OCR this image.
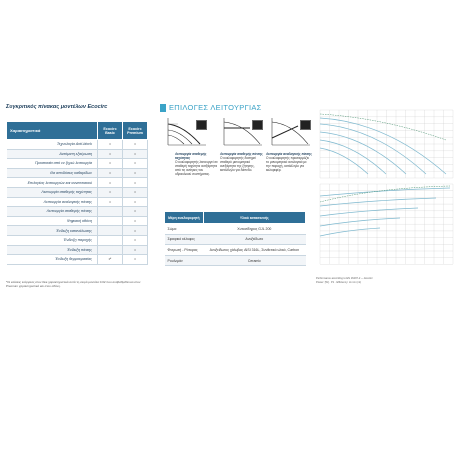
Συγκριτικός πίνακας μοντέλων Ecocirc
Χαρακτηριστικά	Ecocirc Basic	Ecocirc Premium
Τεχνολογία Anti-block	•	•
Αυτόματη εξαέρωση	•	•
Προστασία από εν ξηρώ λειτουργία	•	•
Θα αποδόσεις καθαρίδων	•	•
Επιλογέας λειτουργιών και συνεπειακού	•	•
Λειτουργία σταθερής ταχύτητας	•	•
Λειτουργία αναλογικής πίεσης	•	•
Λειτουργία σταθερής πίεσης		•
Ψηφιακή οθόνη		•
Ένδειξη κατανάλωσης		•
Ένδειξη παροχής		•
Ένδειξη πίεσης		•
Ένδειξη θερμοκρασίας	•*	•
*Οι κλάσεις ενέργειας στον δεικ χαρακτηριστικά αυτά τη σειρά μοντέλα 0.02 που αναβαθμιθεί και στον Premium χαρακτηριστικά και στον οθόνη.
ΕΠΙΛΟΓΕΣ ΛΕΙΤΟΥΡΓΙΑΣ
Λειτουργία σταθερής ταχύτητας
Ο κυκλοφορητής λειτουργεί σε σταθερή ταχύτητα ανεξάρτητα από τις ανάγκες του υδραυλικού συστήματος.
Λειτουργία σταθερής πίεσης
Ο κυκλοφορητής διατηρεί σταθερό μανομετρικό ανεξάρτητα της ζήτησης, κατάλληλο για δάπεδο.
Λειτουργία αναλογικής πίεσης
Ο κυκλοφορητής προσαρμόζει το μανομετρικό αναλογικά με την παροχή, κατάλληλο για καλοριφέρ.
Μέρη κυκλοφορητή	Υλικό κατασκευής
Σώμα	Χυτοσίδηρος GJL 200
Σφαιρικό κέλυφος	Ανοξείδωτο
Φτερωτή - Ρότορας	Ανοξείδωτος χάλυβας AISI 316L, Συνθετικό υλικό, Carbon
Ρουλεμάν	Ceramic
Performance according to EN 16297-2 — Ecocirc
Power: [W] · P1 · Efficiency: H min (mt)
